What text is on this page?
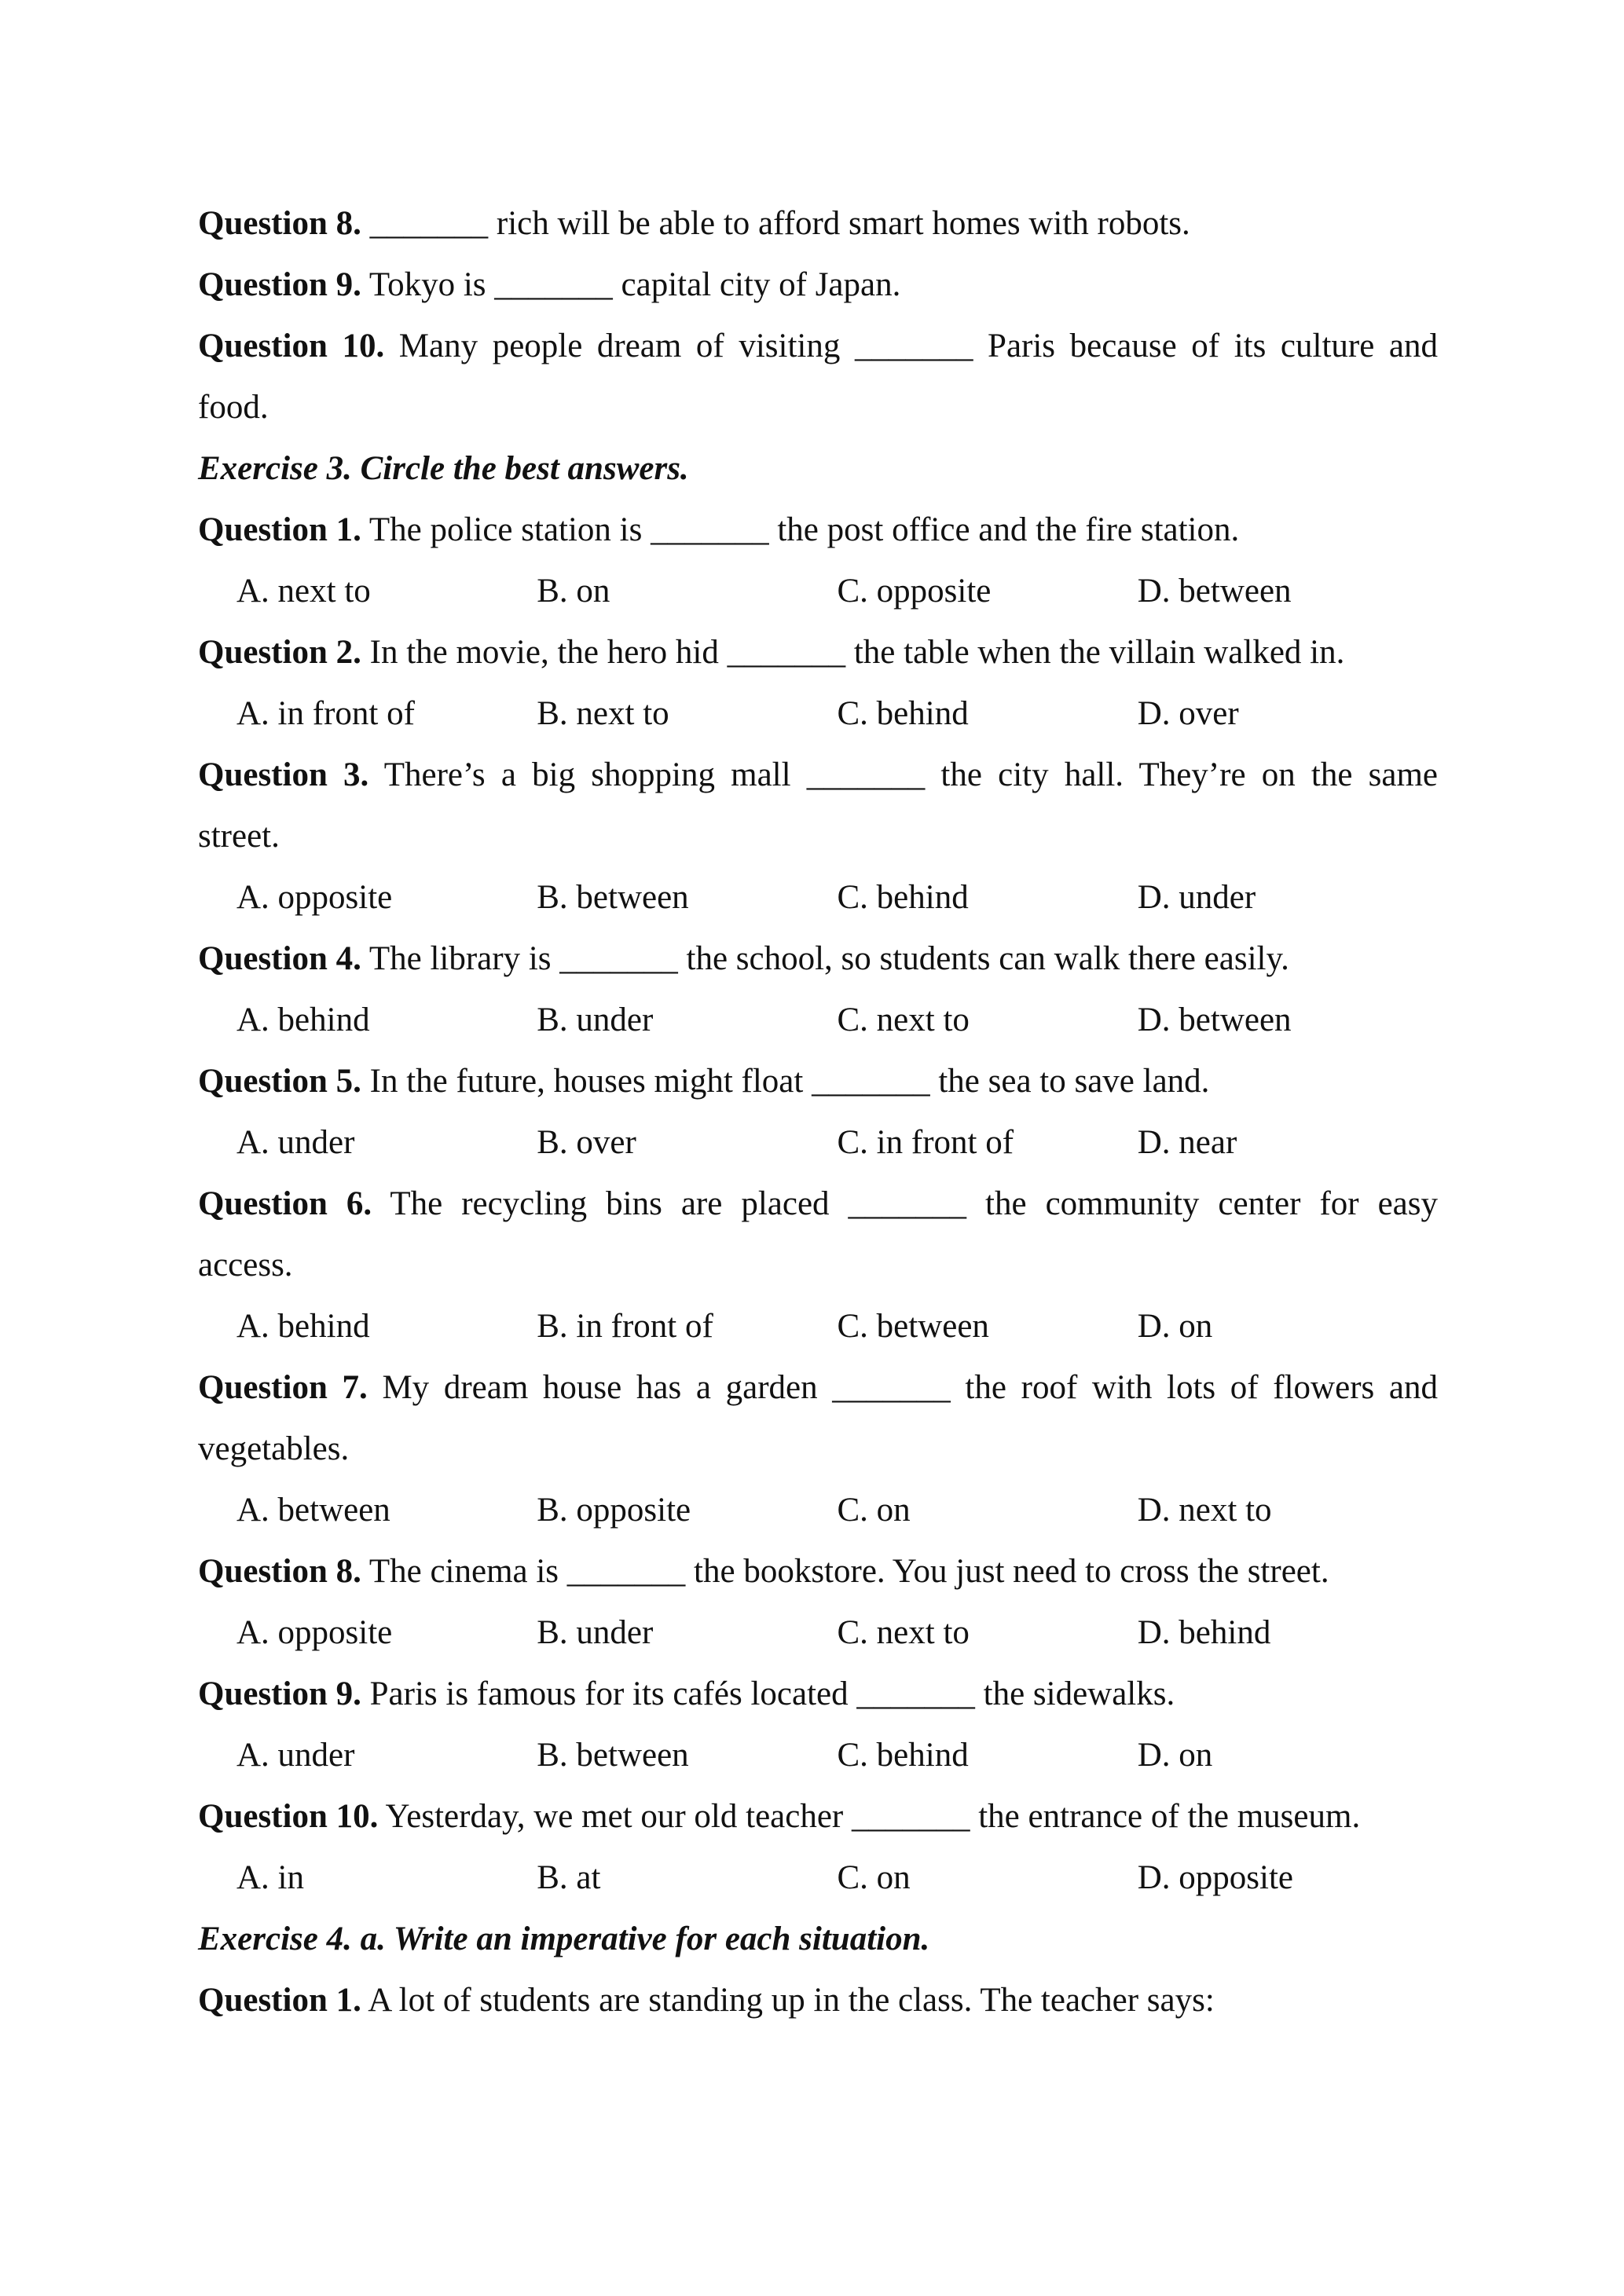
Question 8. _______ rich will be able to afford smart homes with robots.
Question 9. Tokyo is _______ capital city of Japan.
Question 10. Many people dream of visiting _______ Paris because of its culture and
food.
Exercise 3. Circle the best answers.
Question 1. The police station is _______ the post office and the fire station.
A. next to	B. on	C. opposite	D. between
Question 2. In the movie, the hero hid _______ the table when the villain walked in.
A. in front of	B. next to	C. behind	D. over
Question 3. There’s a big shopping mall _______ the city hall. They’re on the same
street.
A. opposite	B. between	C. behind	D. under
Question 4. The library is _______ the school, so students can walk there easily.
A. behind	B. under	C. next to	D. between
Question 5. In the future, houses might float _______ the sea to save land.
A. under	B. over	C. in front of	D. near
Question 6. The recycling bins are placed _______ the community center for easy
access.
A. behind	B. in front of	C. between	D. on
Question 7. My dream house has a garden _______ the roof with lots of flowers and
vegetables.
A. between	B. opposite	C. on	D. next to
Question 8. The cinema is _______ the bookstore. You just need to cross the street.
A. opposite	B. under	C. next to	D. behind
Question 9. Paris is famous for its cafés located _______ the sidewalks.
A. under	B. between	C. behind	D. on
Question 10. Yesterday, we met our old teacher _______ the entrance of the museum.
A. in	B. at	C. on	D. opposite
Exercise 4. a. Write an imperative for each situation.
Question 1. A lot of students are standing up in the class. The teacher says:
